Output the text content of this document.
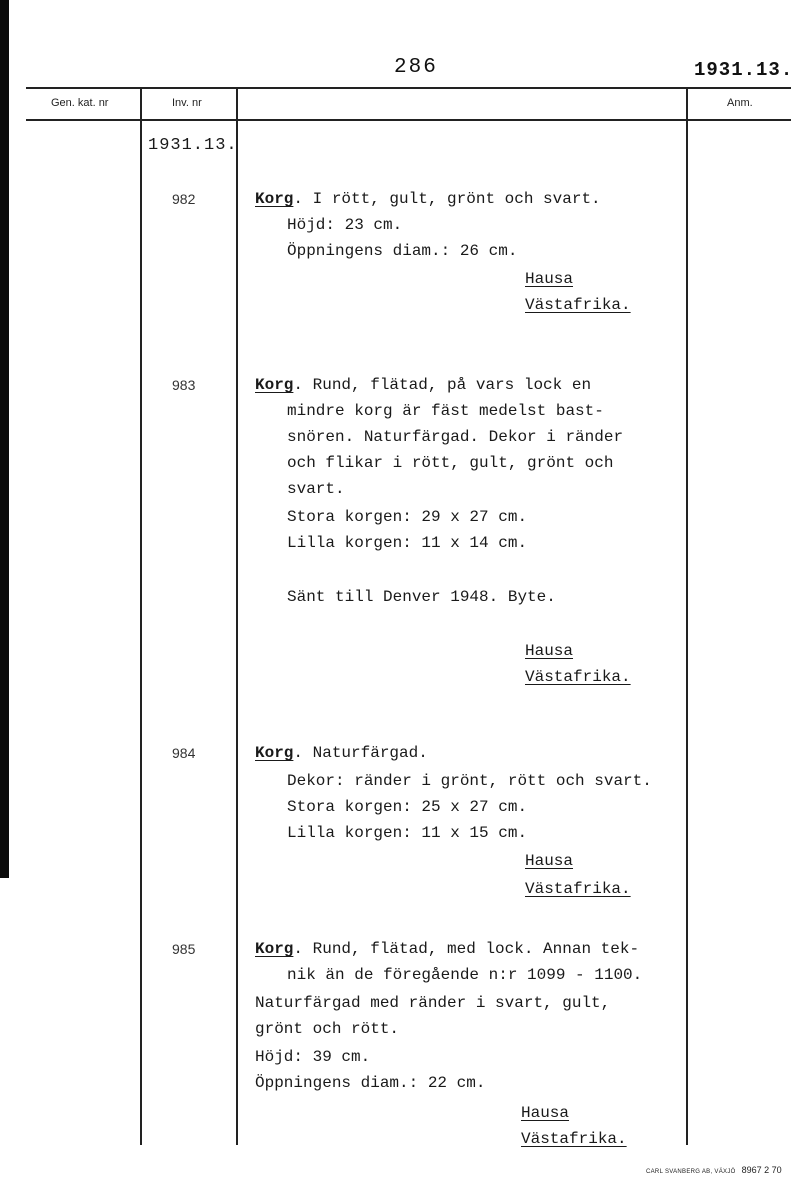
286	1931.13.
Gen. kat. nr	Inv. nr	Anm.
1931.13.
982	Korg. I rött, gult, grönt och svart.
Höjd: 23 cm.
Öppningens diam.: 26 cm.
Hausa
Västafrika.
983	Korg. Rund, flätad, på vars lock en
mindre korg är fäst medelst bast-
snören. Naturfärgad. Dekor i ränder
och flikar i rött, gult, grönt och
svart.
Stora korgen: 29 x 27 cm.
Lilla korgen: 11 x 14 cm.
Sänt till Denver 1948. Byte.
Hausa
Västafrika.
984	Korg. Naturfärgad.
Dekor: ränder i grönt, rött och svart.
Stora korgen: 25 x 27 cm.
Lilla korgen: 11 x 15 cm.
Hausa
Västafrika.
985	Korg. Rund, flätad, med lock. Annan tek-
nik än de föregående n:r 1099 - 1100.
Naturfärgad med ränder i svart, gult,
grönt och rött.
Höjd: 39 cm.
Öppningens diam.: 22 cm.
Hausa
Västafrika.
CARL SVANBERG AB, VÄXJÖ 8967 2 70
